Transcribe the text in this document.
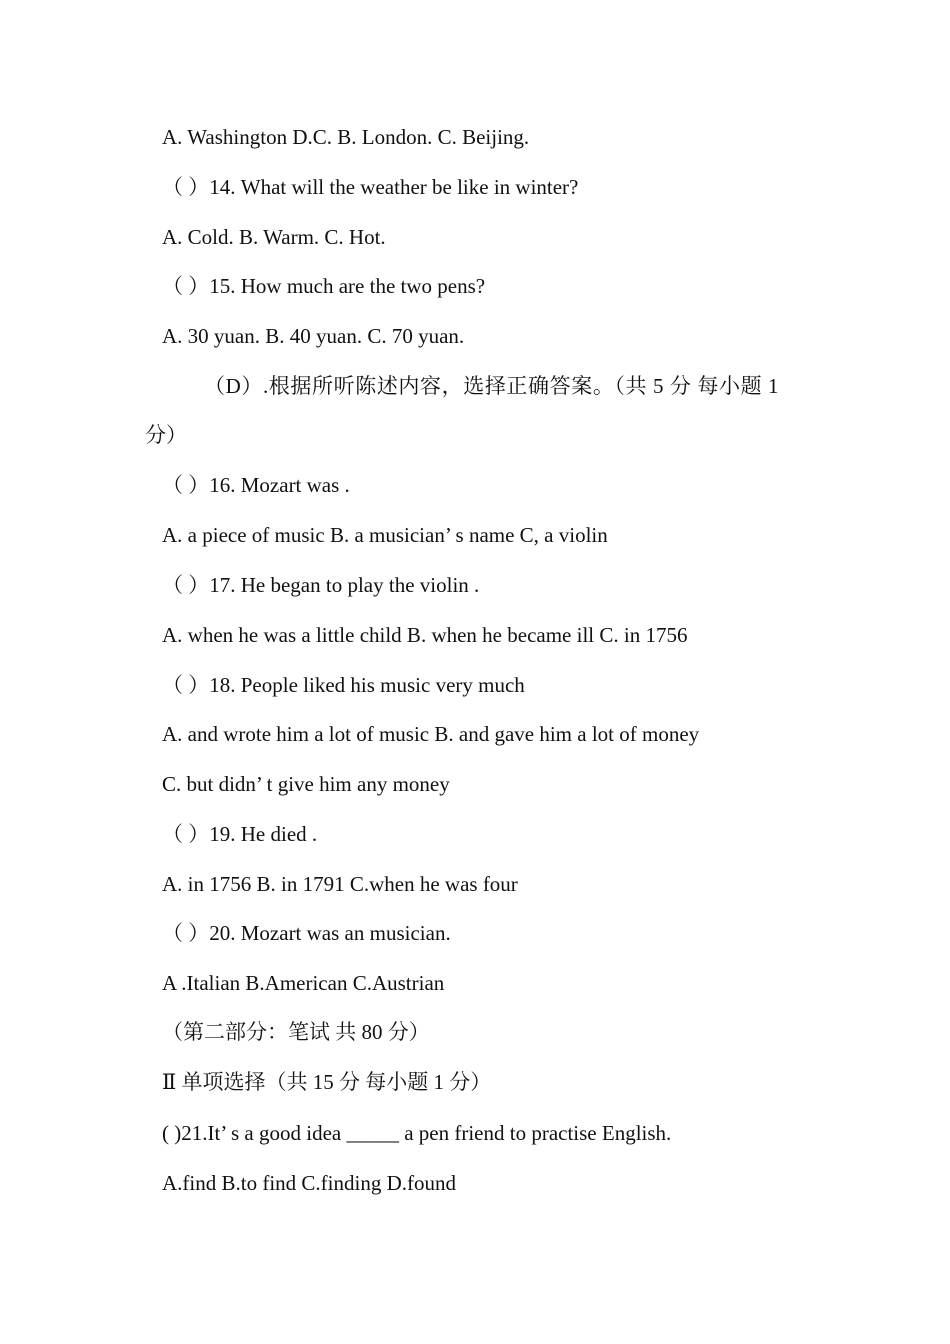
A. Washington D.C. B. London. C. Beijing.
（ ）14. What will the weather be like in winter?
A. Cold. B. Warm. C. Hot.
（ ）15. How much are the two pens?
A. 30 yuan. B. 40 yuan. C. 70 yuan.
（D）.根据所听陈述内容，选择正确答案。（共 5 分 每小题 1
分）
（ ）16. Mozart was .
A. a piece of music B. a musician’ s name C, a violin
（ ）17. He began to play the violin .
A. when he was a little child B. when he became ill C. in 1756
（ ）18. People liked his music very much
A. and wrote him a lot of music B. and gave him a lot of money
C. but didn’ t give him any money
（ ）19. He died .
A. in 1756 B. in 1791 C.when he was four
（ ）20. Mozart was an musician.
A .Italian B.American C.Austrian
（第二部分：笔试 共 80 分）
Ⅱ 单项选择（共 15 分 每小题 1 分）
( )21.It’ s a good idea _____ a pen friend to practise English.
A.find B.to find C.finding D.found
